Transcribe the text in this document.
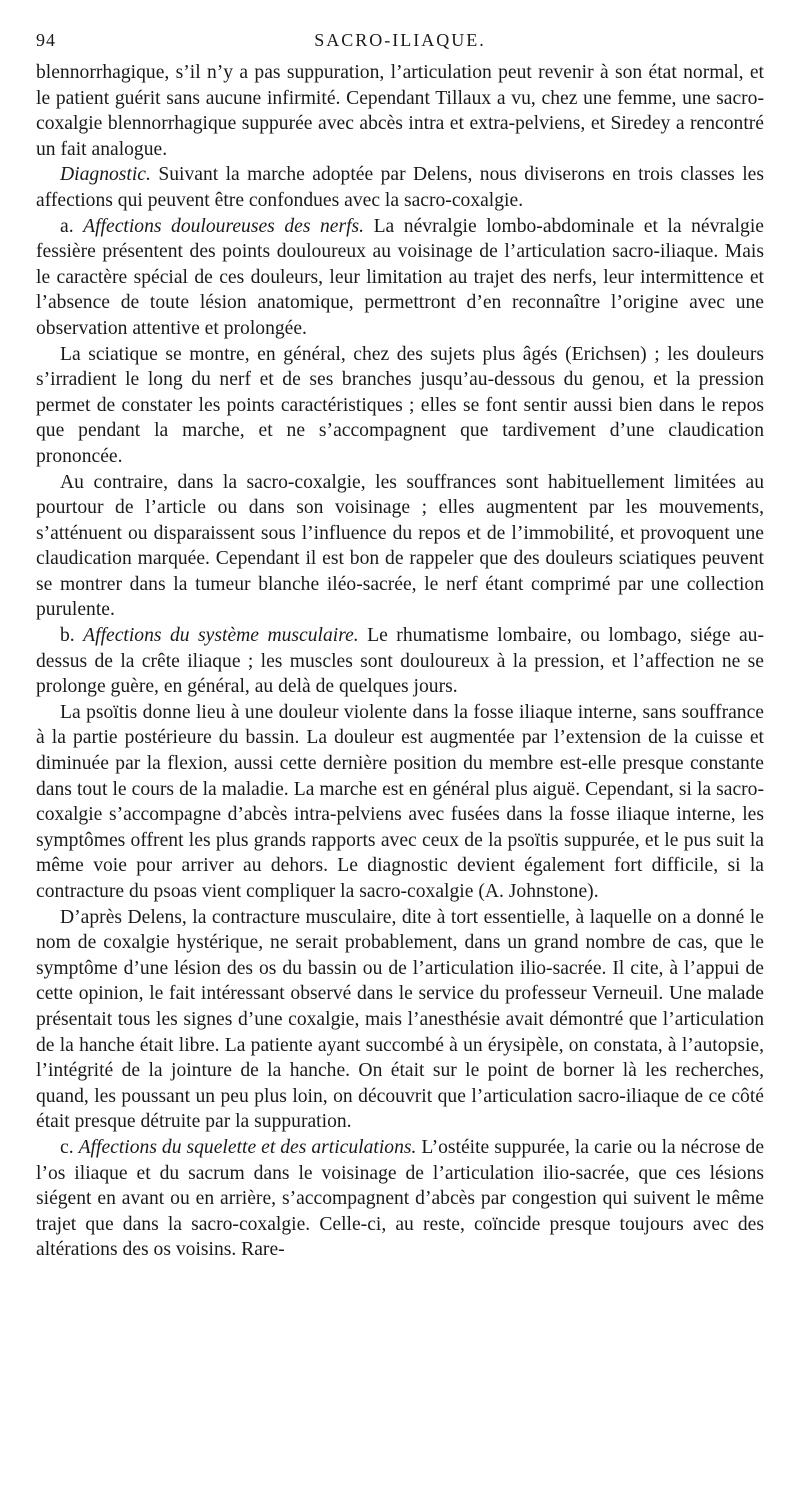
94	SACRO-ILIAQUE.

blennorrhagique, s’il n’y a pas suppuration, l’articulation peut revenir à son état normal, et le patient guérit sans aucune infirmité. Cependant Tillaux a vu, chez une femme, une sacro-coxalgie blennorrhagique suppurée avec abcès intra et extra-pelviens, et Siredey a rencontré un fait analogue.

Diagnostic. Suivant la marche adoptée par Delens, nous diviserons en trois classes les affections qui peuvent être confondues avec la sacro-coxalgie.

a. Affections douloureuses des nerfs. La névralgie lombo-abdominale et la névralgie fessière présentent des points douloureux au voisinage de l’articulation sacro-iliaque. Mais le caractère spécial de ces douleurs, leur limitation au trajet des nerfs, leur intermittence et l’absence de toute lésion anatomique, permettront d’en reconnaître l’origine avec une observation attentive et prolongée.

La sciatique se montre, en général, chez des sujets plus âgés (Erichsen) ; les douleurs s’irradient le long du nerf et de ses branches jusqu’au-dessous du genou, et la pression permet de constater les points caractéristiques ; elles se font sentir aussi bien dans le repos que pendant la marche, et ne s’accompagnent que tardivement d’une claudication prononcée.

Au contraire, dans la sacro-coxalgie, les souffrances sont habituellement limitées au pourtour de l’article ou dans son voisinage ; elles augmentent par les mouvements, s’atténuent ou disparaissent sous l’influence du repos et de l’immobilité, et provoquent une claudication marquée. Cependant il est bon de rappeler que des douleurs sciatiques peuvent se montrer dans la tumeur blanche iléo-sacrée, le nerf étant comprimé par une collection purulente.

b. Affections du système musculaire. Le rhumatisme lombaire, ou lombago, siége au-dessus de la crête iliaque ; les muscles sont douloureux à la pression, et l’affection ne se prolonge guère, en général, au delà de quelques jours.

La psoïtis donne lieu à une douleur violente dans la fosse iliaque interne, sans souffrance à la partie postérieure du bassin. La douleur est augmentée par l’extension de la cuisse et diminuée par la flexion, aussi cette dernière position du membre est-elle presque constante dans tout le cours de la maladie. La marche est en général plus aiguë. Cependant, si la sacro-coxalgie s’accompagne d’abcès intra-pelviens avec fusées dans la fosse iliaque interne, les symptômes offrent les plus grands rapports avec ceux de la psoïtis suppurée, et le pus suit la même voie pour arriver au dehors. Le diagnostic devient également fort difficile, si la contracture du psoas vient compliquer la sacro-coxalgie (A. Johnstone).

D’après Delens, la contracture musculaire, dite à tort essentielle, à laquelle on a donné le nom de coxalgie hystérique, ne serait probablement, dans un grand nombre de cas, que le symptôme d’une lésion des os du bassin ou de l’articulation ilio-sacrée. Il cite, à l’appui de cette opinion, le fait intéressant observé dans le service du professeur Verneuil. Une malade présentait tous les signes d’une coxalgie, mais l’anesthésie avait démontré que l’articulation de la hanche était libre. La patiente ayant succombé à un érysipèle, on constata, à l’autopsie, l’intégrité de la jointure de la hanche. On était sur le point de borner là les recherches, quand, les poussant un peu plus loin, on découvrit que l’articulation sacro-iliaque de ce côté était presque détruite par la suppuration.

c. Affections du squelette et des articulations. L’ostéite suppurée, la carie ou la nécrose de l’os iliaque et du sacrum dans le voisinage de l’articulation ilio-sacrée, que ces lésions siégent en avant ou en arrière, s’accompagnent d’abcès par congestion qui suivent le même trajet que dans la sacro-coxalgie. Celle-ci, au reste, coïncide presque toujours avec des altérations des os voisins. Rare-
